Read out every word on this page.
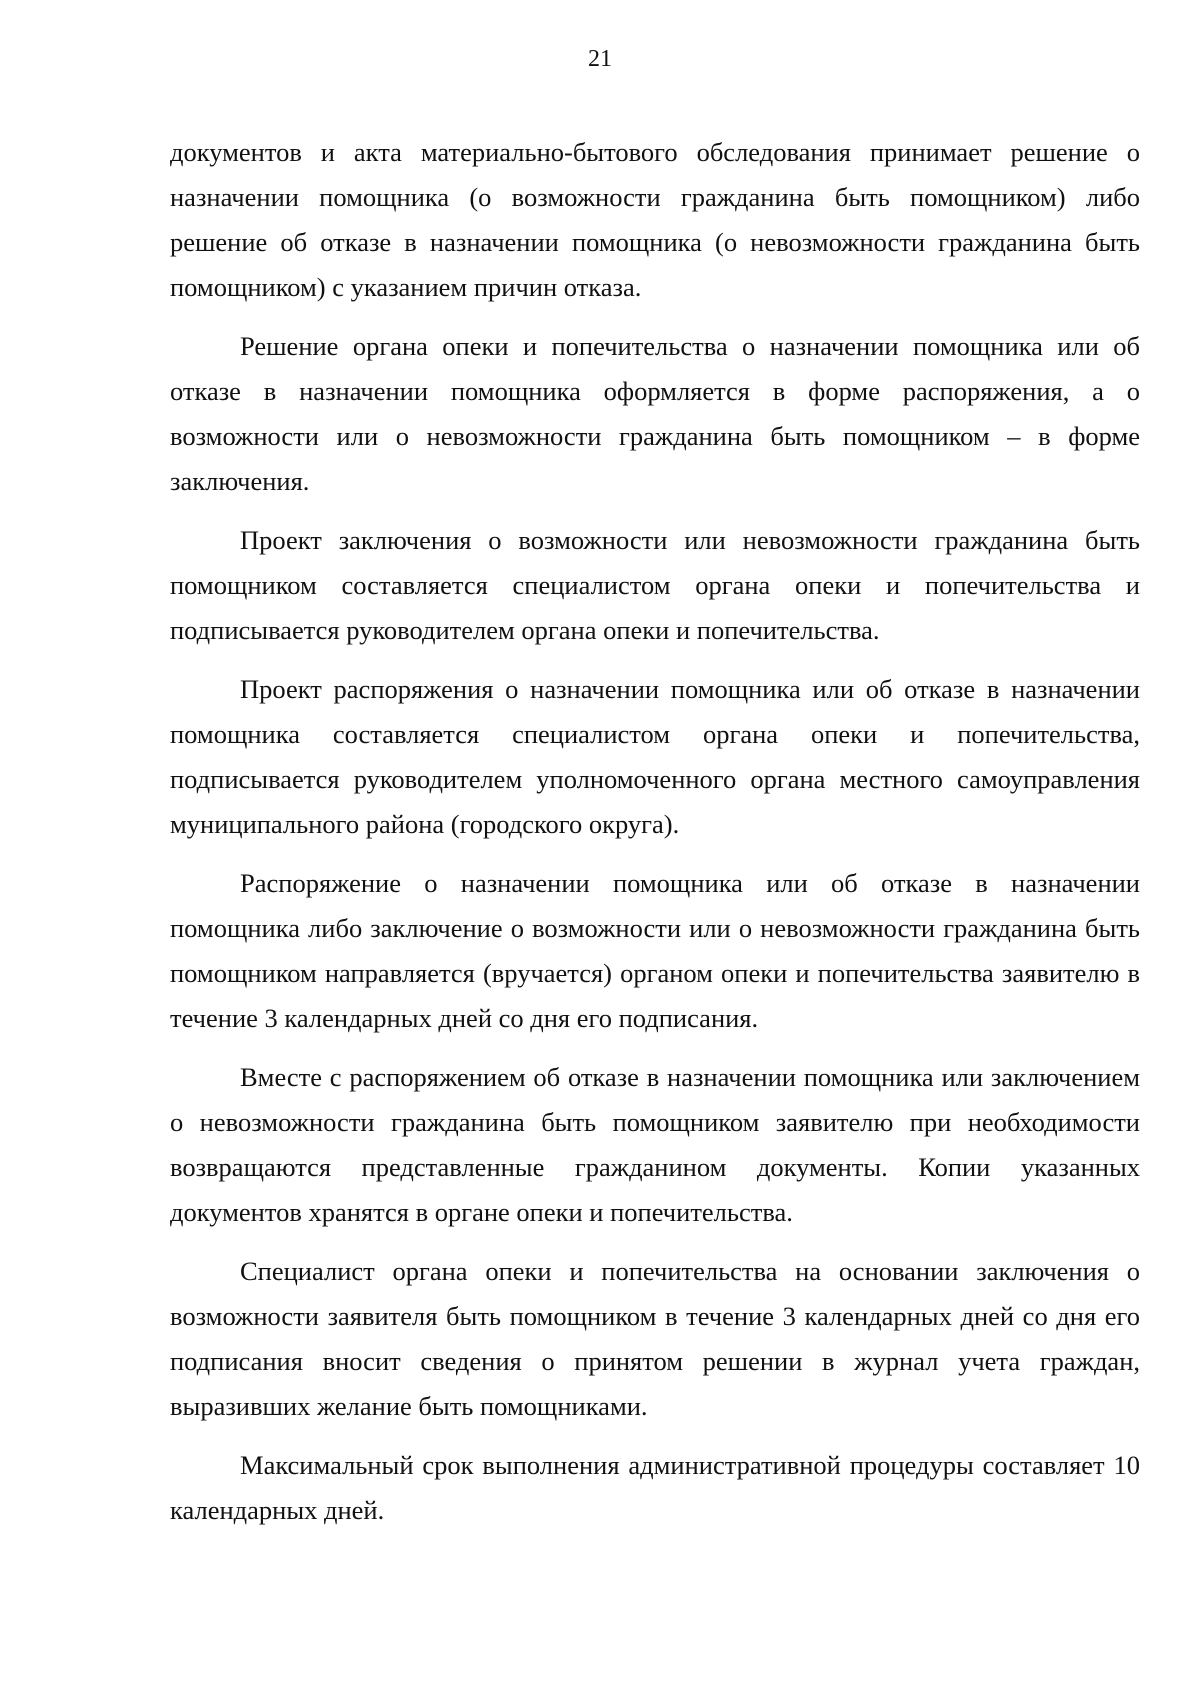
21

документов и акта материально-бытового обследования принимает решение о назначении помощника (о возможности гражданина быть помощником) либо решение об отказе в назначении помощника (о невозможности гражданина быть помощником) с указанием причин отказа.

Решение органа опеки и попечительства о назначении помощника или об отказе в назначении помощника оформляется в форме распоряжения, а о возможности или о невозможности гражданина быть помощником – в форме заключения.

Проект заключения о возможности или невозможности гражданина быть помощником составляется специалистом органа опеки и попечительства и подписывается руководителем органа опеки и попечительства.

Проект распоряжения о назначении помощника или об отказе в назначении помощника составляется специалистом органа опеки и попечительства, подписывается руководителем уполномоченного органа местного самоуправления муниципального района (городского округа).

Распоряжение о назначении помощника или об отказе в назначении помощника либо заключение о возможности или о невозможности гражданина быть помощником направляется (вручается) органом опеки и попечительства заявителю в течение 3 календарных дней со дня его подписания.

Вместе с распоряжением об отказе в назначении помощника или заключением о невозможности гражданина быть помощником заявителю при необходимости возвращаются представленные гражданином документы. Копии указанных документов хранятся в органе опеки и попечительства.

Специалист органа опеки и попечительства на основании заключения о возможности заявителя быть помощником в течение 3 календарных дней со дня его подписания вносит сведения о принятом решении в журнал учета граждан, выразивших желание быть помощниками.

Максимальный срок выполнения административной процедуры составляет 10 календарных дней.
